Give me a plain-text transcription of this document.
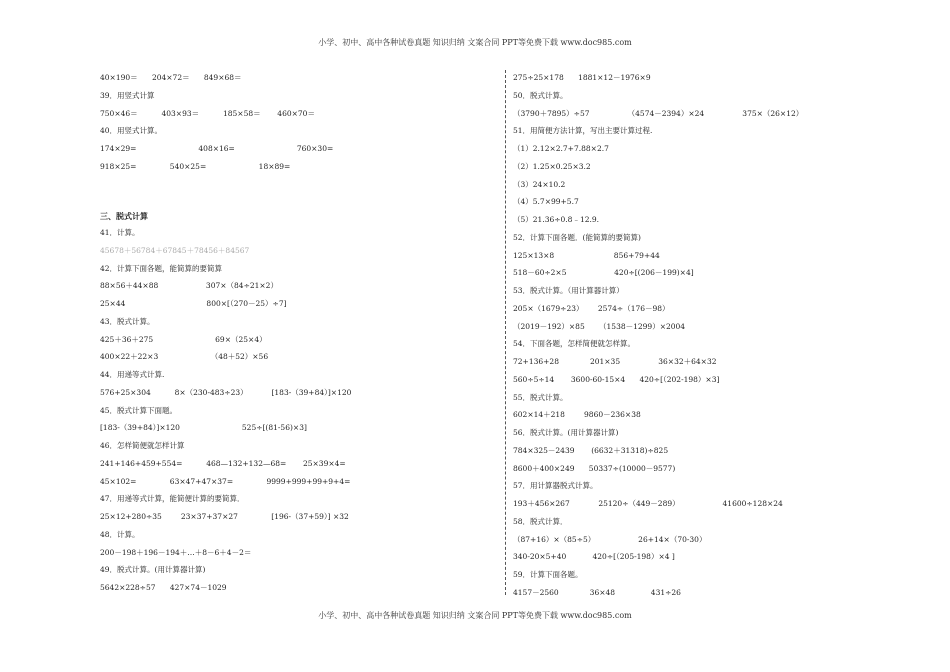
小学、初中、高中各种试卷真题 知识归纳 文案合同 PPT等免费下载 www.doc985.com
40×190＝      204×72＝      849×68＝
39．用竖式计算
750×46＝          403×93＝          185×58＝       460×70＝
40．用竖式计算。
174×29=                          408×16=                          760×30=
918×25=              540×25=                      18×89=
三、脱式计算
41．计算。
45678＋56784＋67845＋78456＋84567
42．计算下面各题，能简算的要简算
88×56＋44×88                    307×（84÷21×2）
25×44                                  800×[（270－25）÷7]
43．脱式计算。
425＋36＋275                          69×（25×4）
400×22＋22×3                      （48＋52）×56
44．用递等式计算.
576+25×304          8×（230-483÷23）          [183-（39+84）]×120
45．脱式计算下面题。
[183-（39+84）]×120                          525÷[(81-56)×3]
46．怎样简便就怎样计算
241+146+459+554=          468—132+132—68=       25×39×4=
45×102=              63×47+47×37=              9999+999+99+9+4=
47．用递等式计算，能简便计算的要简算．
25×12+280÷35        23×37+37×27              [196-（37+59）] ×32
48．计算。
200－198＋196－194＋…＋8－6＋4－2＝
49．脱式计算。(用计算器计算)
5642×228÷57      427×74－1029
275÷25×178      1881×12－1976×9
50．脱式计算。
（3790＋7895）÷57                （4574－2394）×24                375×（26×12）
51．用简便方法计算，写出主要计算过程.
（1）2.12×2.7+7.88×2.7
（2）1.25×0.25×3.2
（3）24×10.2
（4）5.7×99+5.7
（5）21.36÷0.8﹣12.9.
52．计算下面各题．(能简算的要简算)
125×13×8                         856+79+44
518－60÷2×5                    420÷[(206－199)×4]
53．脱式计算。（用计算器计算）
205×（1679÷23）      2574÷（176－98）
（2019－192）×85      （1538－1299）×2004
54．下面各题，怎样简便就怎样算。
72+136+28             201×35                36×32＋64×32
560÷5÷14       3600-60-15×4      420÷[（202-198）×3]
55．脱式计算。
602×14＋218        9860－236×38
56．脱式计算。(用计算器计算)
784×325－2439       (6632＋31318)÷825
8600＋400×249      50337÷(10000－9577)
57．用计算器脱式计算。
193＋456×267            25120÷（449－289）                  41600÷128×24
58．脱式计算．
（87+16）×（85÷5）                  26+14×（70-30）
340-20×5+40           420÷[（205-198）×4 ]
59．计算下面各题。
4157－2560             36×48               431÷26
小学、初中、高中各种试卷真题 知识归纳 文案合同 PPT等免费下载 www.doc985.com
